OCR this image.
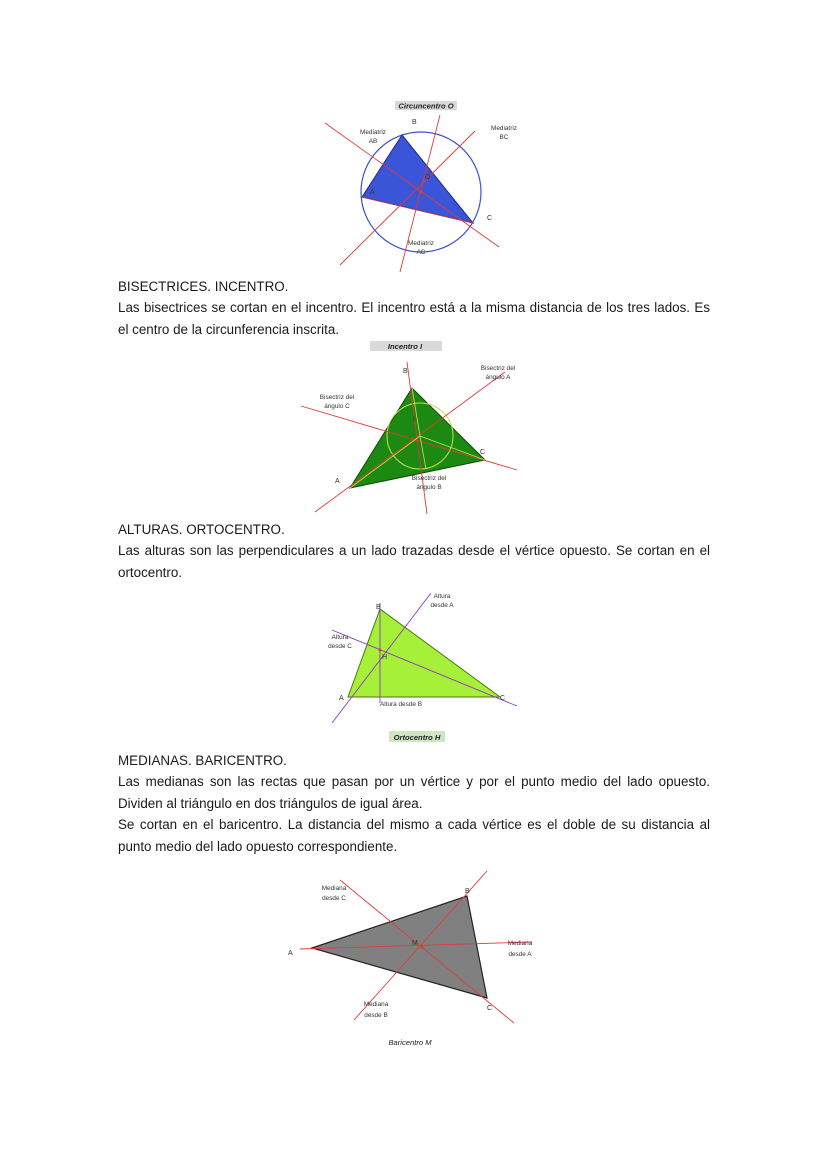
Circuncentro O
O
B
A
C
Mediatriz
AB
Mediatriz
BC
Mediatriz
AC
BISECTRICES. INCENTRO.
Las bisectrices se cortan en el incentro. El incentro está a la misma distancia de los tres lados. Es el centro de la circunferencia inscrita.
Incentro I
I
B
A
C
Bisectriz del
ángulo A
Bisectriz del
ángulo C
Bisectriz del
ángulo B
ALTURAS. ORTOCENTRO.
Las alturas son las perpendiculares a un lado trazadas desde el vértice opuesto. Se cortan en el ortocentro.
H
B
A	C
Altura
desde A
Altura
desde C
Altura desde B
Ortocentro H
MEDIANAS. BARICENTRO.
Las medianas son las rectas que pasan por un vértice y por el punto medio del lado opuesto. Dividen al triángulo en dos triángulos de igual área.
Se cortan en el baricentro. La distancia del mismo a cada vértice es el doble de su distancia al punto medio del lado opuesto correspondiente.
M
B
A
C
Mediana
desde C
Mediana
desde A
Mediana
desde B
Baricentro M
